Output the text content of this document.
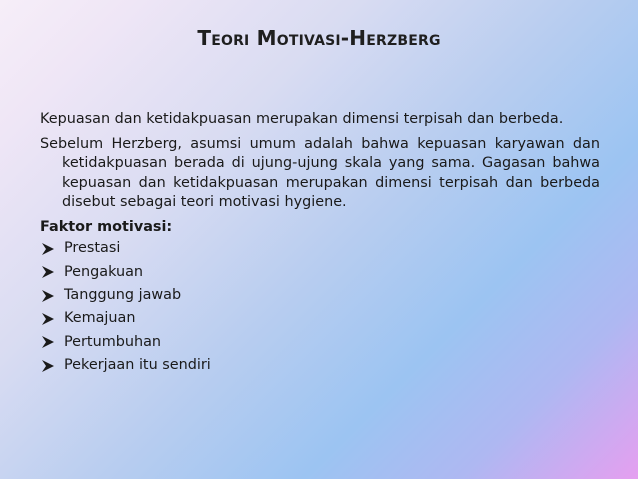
Teori Motivasi-Herzberg

Kepuasan dan ketidakpuasan merupakan dimensi terpisah dan berbeda.

Sebelum Herzberg, asumsi umum adalah bahwa kepuasan karyawan dan ketidakpuasan berada di ujung-ujung skala yang sama. Gagasan bahwa kepuasan dan ketidakpuasan merupakan dimensi terpisah dan berbeda disebut sebagai teori motivasi hygiene.

Faktor motivasi:
Prestasi
Pengakuan
Tanggung jawab
Kemajuan
Pertumbuhan
Pekerjaan itu sendiri
